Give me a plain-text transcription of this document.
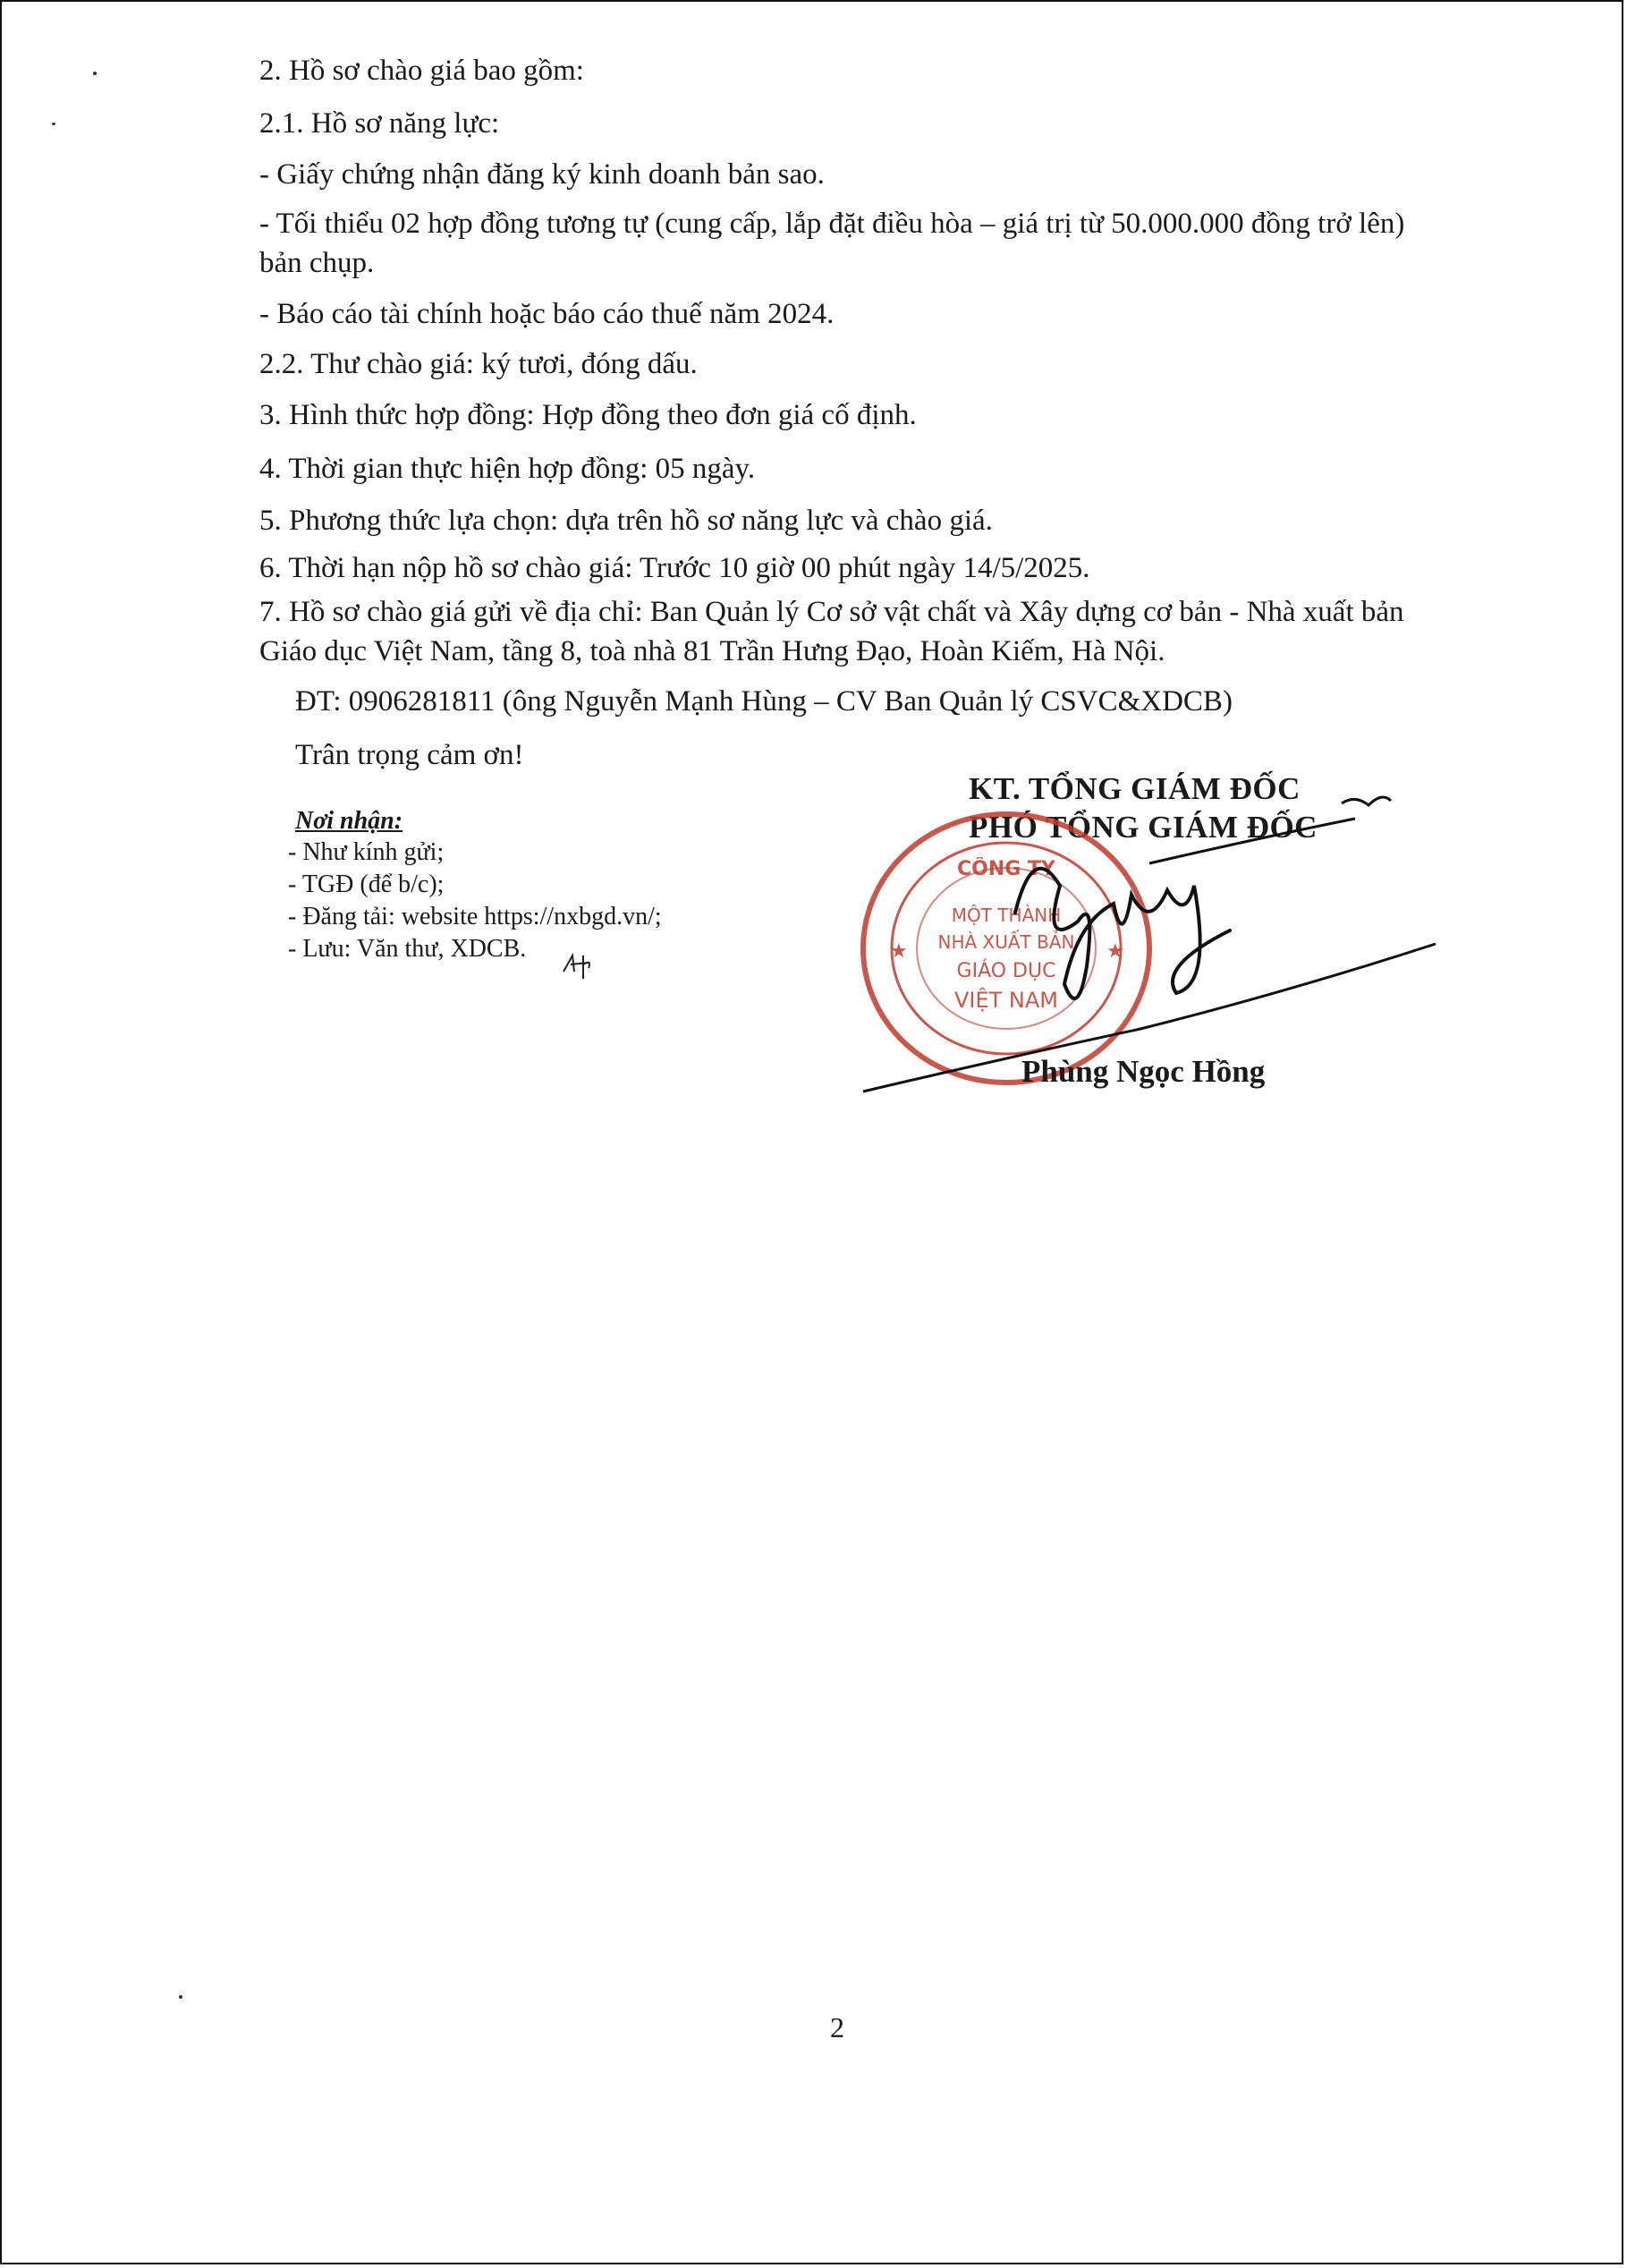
2. Hồ sơ chào giá bao gồm:

2.1. Hồ sơ năng lực:

- Giấy chứng nhận đăng ký kinh doanh bản sao.

- Tối thiểu 02 hợp đồng tương tự (cung cấp, lắp đặt điều hòa – giá trị từ 50.000.000 đồng trở lên) bản chụp.

- Báo cáo tài chính hoặc báo cáo thuế năm 2024.

2.2. Thư chào giá: ký tươi, đóng dấu.

3. Hình thức hợp đồng: Hợp đồng theo đơn giá cố định.

4. Thời gian thực hiện hợp đồng: 05 ngày.

5. Phương thức lựa chọn: dựa trên hồ sơ năng lực và chào giá.

6. Thời hạn nộp hồ sơ chào giá: Trước 10 giờ 00 phút ngày 14/5/2025.

7. Hồ sơ chào giá gửi về địa chỉ: Ban Quản lý Cơ sở vật chất và Xây dựng cơ bản - Nhà xuất bản Giáo dục Việt Nam, tầng 8, toà nhà 81 Trần Hưng Đạo, Hoàn Kiếm, Hà Nội.

ĐT: 0906281811 (ông Nguyễn Mạnh Hùng – CV Ban Quản lý CSVC&XDCB)

Trân trọng cảm ơn!

Nơi nhận:
- Như kính gửi;
- TGĐ (để b/c);
- Đăng tải: website https://nxbgd.vn/;
- Lưu: Văn thư, XDCB.
KT. TỔNG GIÁM ĐỐC
PHÓ TỔNG GIÁM ĐỐC
CÔNG TY
MỘT THÀNH
NHÀ XUẤT BẢN
GIÁO DỤC
VIỆT NAM
★	★
Phùng Ngọc Hồng
2
